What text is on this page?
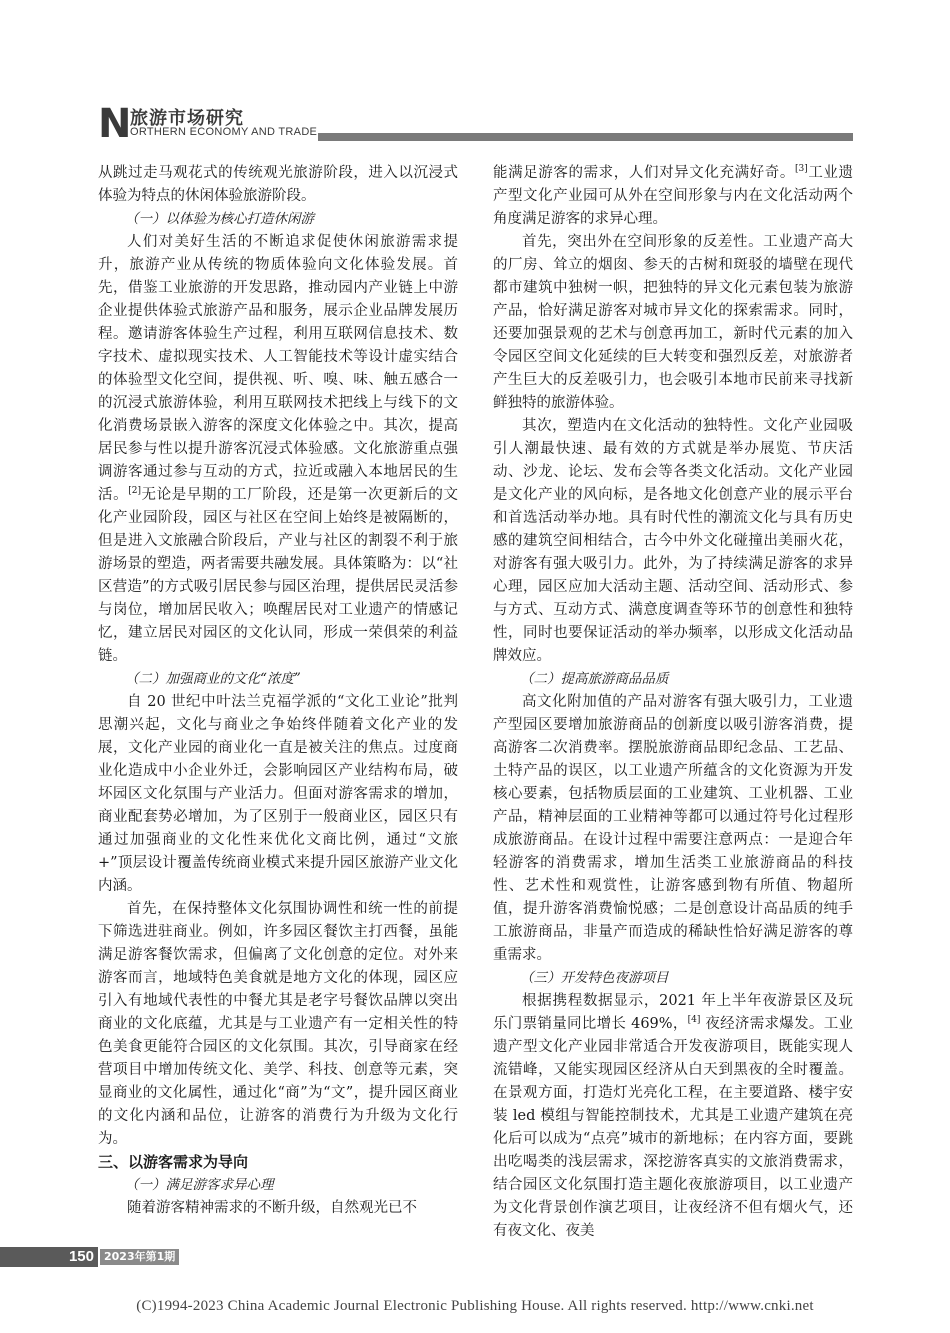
N
旅游市场研究
ORTHERN ECONOMY AND TRADE

从跳过走马观花式的传统观光旅游阶段，进入以沉浸式体验为特点的休闲体验旅游阶段。

（一）以体验为核心打造休闲游

人们对美好生活的不断追求促使休闲旅游需求提升，旅游产业从传统的物质体验向文化体验发展。首先，借鉴工业旅游的开发思路，推动园内产业链上中游企业提供体验式旅游产品和服务，展示企业品牌发展历程。邀请游客体验生产过程，利用互联网信息技术、数字技术、虚拟现实技术、人工智能技术等设计虚实结合的体验型文化空间，提供视、听、嗅、味、触五感合一的沉浸式旅游体验，利用互联网技术把线上与线下的文化消费场景嵌入游客的深度文化体验之中。其次，提高居民参与性以提升游客沉浸式体验感。文化旅游重点强调游客通过参与互动的方式，拉近或融入本地居民的生活。[2]无论是早期的工厂阶段，还是第一次更新后的文化产业园阶段，园区与社区在空间上始终是被隔断的，但是进入文旅融合阶段后，产业与社区的割裂不利于旅游场景的塑造，两者需要共融发展。具体策略为：以“社区营造”的方式吸引居民参与园区治理，提供居民灵活参与岗位，增加居民收入；唤醒居民对工业遗产的情感记忆，建立居民对园区的文化认同，形成一荣俱荣的利益链。

（二）加强商业的文化“浓度”

自 20 世纪中叶法兰克福学派的“文化工业论”批判思潮兴起，文化与商业之争始终伴随着文化产业的发展，文化产业园的商业化一直是被关注的焦点。过度商业化造成中小企业外迁，会影响园区产业结构布局，破坏园区文化氛围与产业活力。但面对游客需求的增加，商业配套势必增加，为了区别于一般商业区，园区只有通过加强商业的文化性来优化文商比例，通过“文旅 +”顶层设计覆盖传统商业模式来提升园区旅游产业文化内涵。

首先，在保持整体文化氛围协调性和统一性的前提下筛选进驻商业。例如，许多园区餐饮主打西餐，虽能满足游客餐饮需求，但偏离了文化创意的定位。对外来游客而言，地域特色美食就是地方文化的体现，园区应引入有地域代表性的中餐尤其是老字号餐饮品牌以突出商业的文化底蕴，尤其是与工业遗产有一定相关性的特色美食更能符合园区的文化氛围。其次，引导商家在经营项目中增加传统文化、美学、科技、创意等元素，突显商业的文化属性，通过化“商”为“文”，提升园区商业的文化内涵和品位，让游客的消费行为升级为文化行为。

三、以游客需求为导向
（一）满足游客求异心理

随着游客精神需求的不断升级，自然观光已不

能满足游客的需求，人们对异文化充满好奇。[3]工业遗产型文化产业园可从外在空间形象与内在文化活动两个角度满足游客的求异心理。

首先，突出外在空间形象的反差性。工业遗产高大的厂房、耸立的烟囱、参天的古树和斑驳的墙壁在现代都市建筑中独树一帜，把独特的异文化元素包装为旅游产品，恰好满足游客对城市异文化的探索需求。同时，还要加强景观的艺术与创意再加工，新时代元素的加入令园区空间文化延续的巨大转变和强烈反差，对旅游者产生巨大的反差吸引力，也会吸引本地市民前来寻找新鲜独特的旅游体验。

其次，塑造内在文化活动的独特性。文化产业园吸引人潮最快速、最有效的方式就是举办展览、节庆活动、沙龙、论坛、发布会等各类文化活动。文化产业园是文化产业的风向标，是各地文化创意产业的展示平台和首选活动举办地。具有时代性的潮流文化与具有历史感的建筑空间相结合，古今中外文化碰撞出美丽火花，对游客有强大吸引力。此外，为了持续满足游客的求异心理，园区应加大活动主题、活动空间、活动形式、参与方式、互动方式、满意度调查等环节的创意性和独特性，同时也要保证活动的举办频率，以形成文化活动品牌效应。

（二）提高旅游商品品质

高文化附加值的产品对游客有强大吸引力，工业遗产型园区要增加旅游商品的创新度以吸引游客消费，提高游客二次消费率。摆脱旅游商品即纪念品、工艺品、土特产品的误区，以工业遗产所蕴含的文化资源为开发核心要素，包括物质层面的工业建筑、工业机器、工业产品，精神层面的工业精神等都可以通过符号化过程形成旅游商品。在设计过程中需要注意两点：一是迎合年轻游客的消费需求，增加生活类工业旅游商品的科技性、艺术性和观赏性，让游客感到物有所值、物超所值，提升游客消费愉悦感；二是创意设计高品质的纯手工旅游商品，非量产而造成的稀缺性恰好满足游客的尊重需求。

（三）开发特色夜游项目

根据携程数据显示，2021 年上半年夜游景区及玩乐门票销量同比增长 469%，[4] 夜经济需求爆发。工业遗产型文化产业园非常适合开发夜游项目，既能实现人流错峰，又能实现园区经济从白天到黑夜的全时覆盖。在景观方面，打造灯光亮化工程，在主要道路、楼宇安装 led 模组与智能控制技术，尤其是工业遗产建筑在亮化后可以成为“点亮”城市的新地标；在内容方面，要跳出吃喝类的浅层需求，深挖游客真实的文旅消费需求，结合园区文化氛围打造主题化夜旅游项目，以工业遗产为文化背景创作演艺项目，让夜经济不但有烟火气，还有夜文化、夜美

150 2023年第1期
(C)1994-2023 China Academic Journal Electronic Publishing House. All rights reserved. http://www.cnki.net
